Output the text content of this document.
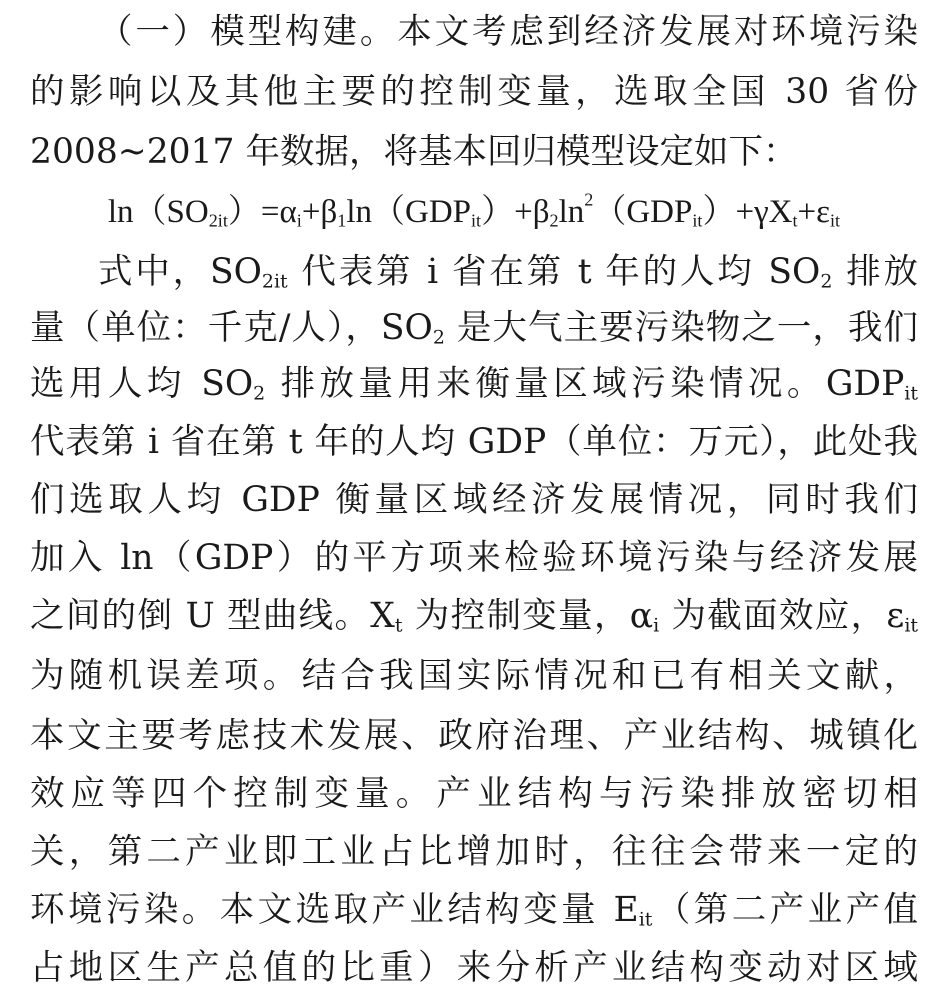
（一）模型构建。本文考虑到经济发展对环境污染
的影响以及其他主要的控制变量，选取全国 30 省份
2008~2017 年数据，将基本回归模型设定如下：
$\ln(SO_{2it})=\alpha_i+\beta_1\ln(GDP_{it})+\beta_2\ln^2(GDP_{it})+\gamma X_t+\varepsilon_{it}$
式中，$SO_{2it}$ 代表第 i 省在第 t 年的人均 $SO_2$ 排放
量（单位：千克/人），$SO_2$ 是大气主要污染物之一，我们
选用人均 $SO_2$ 排放量用来衡量区域污染情况。$GDP_{it}$
代表第 i 省在第 t 年的人均 GDP（单位：万元），此处我
们选取人均 GDP 衡量区域经济发展情况，同时我们
加入 ln（GDP）的平方项来检验环境污染与经济发展
之间的倒 U 型曲线。$X_t$ 为控制变量，$\alpha_i$ 为截面效应，$\varepsilon_{it}$
为随机误差项。结合我国实际情况和已有相关文献，
本文主要考虑技术发展、政府治理、产业结构、城镇化
效应等四个控制变量。产业结构与污染排放密切相
关，第二产业即工业占比增加时，往往会带来一定的
环境污染。本文选取产业结构变量 $E_{it}$（第二产业产值
占地区生产总值的比重）来分析产业结构变动对区域
